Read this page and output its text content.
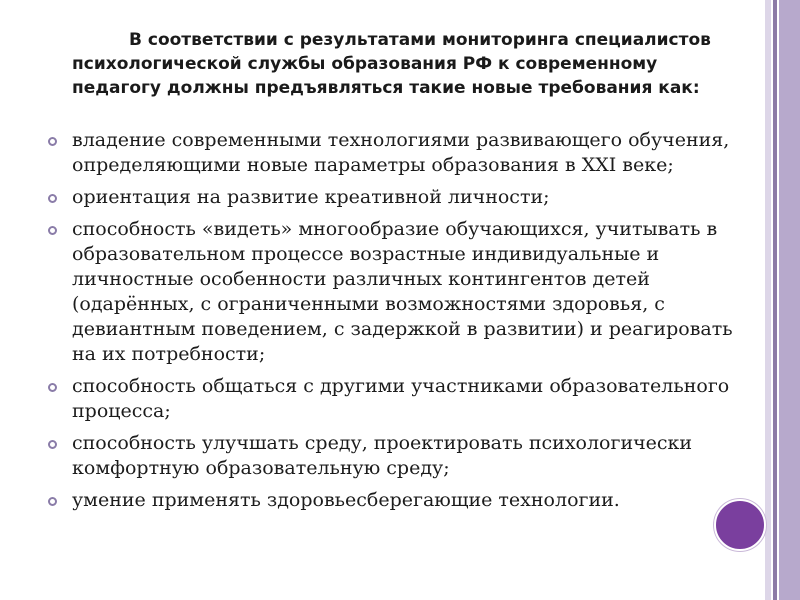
В соответствии с результатами мониторинга специалистов психологической службы образования РФ к современному педагогу должны предъявляться такие новые требования как:

владение современными технологиями развивающего обучения, определяющими новые параметры образования в XXI веке;
ориентация на развитие креативной личности;
способность «видеть» многообразие обучающихся, учитывать в образовательном процессе возрастные индивидуальные и личностные особенности различных контингентов детей (одарённых, с ограниченными возможностями здоровья, с девиантным поведением, с задержкой в развитии) и реагировать на их потребности;
способность общаться с другими участниками образовательного процесса;
способность улучшать среду, проектировать психологически комфортную образовательную среду;
умение применять здоровьесберегающие технологии.
